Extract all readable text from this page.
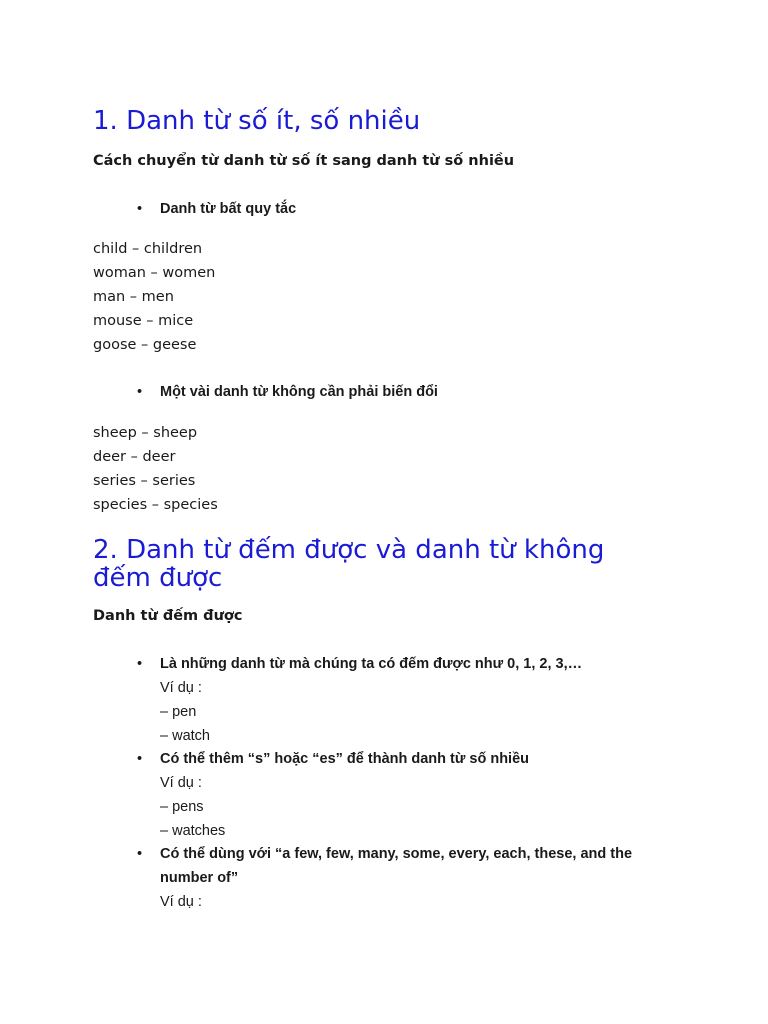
1. Danh từ số ít, số nhiều
Cách chuyển từ danh từ số ít sang danh từ số nhiều
• Danh từ bất quy tắc
child – children
woman – women
man – men
mouse – mice
goose – geese
• Một vài danh từ không cần phải biến đổi
sheep – sheep
deer – deer
series – series
species – species
2. Danh từ đếm được và danh từ không đếm được
Danh từ đếm được
• Là những danh từ mà chúng ta có đếm được như 0, 1, 2, 3,…
Ví dụ :
– pen
– watch
• Có thể thêm “s” hoặc “es” để thành danh từ số nhiều
Ví dụ :
– pens
– watches
• Có thể dùng với “a few, few, many, some, every, each, these, and the number of”
Ví dụ :
